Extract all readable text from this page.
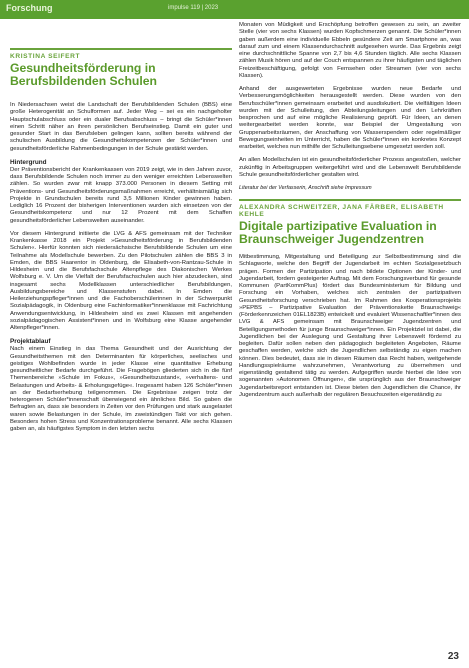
Forschung	impulse 119 | 2023
KRISTINA SEIFERT
Gesundheitsförderung in Berufsbildenden Schulen

In Niedersachsen weist die Landschaft der Berufsbildenden Schulen (BBS) eine große Heterogenität an Schulformen auf. Jeder Weg – sei es ein nachgeholter Hauptschulabschluss oder ein dualer Berufsabschluss – bringt die Schüler*innen einen Schritt näher an ihren persönlichen Berufseinstieg. Damit ein guter und gesunder Start in das Berufsleben gelingen kann, sollten bereits während der schulischen Ausbildung die Gesundheitskompetenzen der Schüler*innen und gesundheitsförderliche Rahmenbedingungen in der Schule gestärkt werden.

Hintergrund

Der Präventionsbericht der Krankenkassen von 2019 zeigt, wie in den Jahren zuvor, dass Berufsbildende Schulen noch immer zu den weniger erreichten Lebenswelten zählen. So wurden zwar mit knapp 373.000 Personen in diesem Setting mit Präventions- und Gesundheitsförderungsmaßnahmen erreicht, verhältnismäßig sich Projekte in Grundschulen bereits rund 3,5 Millionen Kinder gewinnen haben. Lediglich 16 Prozent der bisherigen Interventionen wurden sich einsetzen von der Gesundheitskompetenz und nur 12 Prozent mit dem Schaffen gesundheitsförderlicher Lebenswelten auseinander.

Vor diesem Hintergrund initiierte die LVG & AFS gemeinsam mit der Techniker Krankenkasse 2018 ein Projekt »Gesundheitsförderung in Berufsbildenden Schulen«. Hierfür konnten sich niedersächsische Berufsbildende Schulen um eine Teilnahme als Modellschule bewerben. Zu den Pilotschulen zählen die BBS 3 in Emden, die BBS Haarentor in Oldenburg, die Elisabeth-von-Rantzau-Schule in Hildesheim und die Berufsfachschule Altenpflege des Diakonischen Werkes Wolfsburg e. V. Um die Vielfalt der Berufsfachschulen auch hier abzudecken, sind insgesamt sechs Modellklassen unterschiedlicher Berufsbildungen, Ausbildungsbereiche und Klassenstufen dabei. In Emden die Heilerziehungspfleger*innen und die Fachoberschülerinnen in der Schwerpunkt Sozialpädagogik, in Oldenburg eine Fachinformatiker*innenklasse mit Fachrichtung Anwendungsentwicklung, in Hildesheim sind es zwei Klassen mit angehenden sozialpädagogischen Assistent*innen und in Wolfsburg eine Klasse angehender Altenpfleger*innen.

Projektablauf

Nach einem Einstieg in das Thema Gesundheit und der Ausrichtung der Gesundheitsthemen mit den Determinanten für körperliches, seelisches und geistiges Wohlbefinden wurde in jeder Klasse eine quantitative Erhebung gesundheitlicher Bedarfe durchgeführt. Die Fragebögen gliederten sich in die fünf Themenbereiche »Schule im Fokus«, »Gesundheitszustand«, »verhaltens- und Belastungen und Arbeits- & Erholungsgefüge«. Insgesamt haben 126 Schüler*innen an der Bedarfserhebung teilgenommen. Die Ergebnisse zeigen trotz der heterogenen Schüler*innenschaft überwiegend ein ähnliches Bild. So gaben die Befragten an, dass sie besonders in Zeiten vor den Prüfungen und stark ausgelastet waren sowie Belastungen in der Schule, im zweistündigen Takt vor sich gehen. Besonders hohen Stress und Konzentrationsprobleme benannt. Alle sechs Klassen gaben an, als häufigstes Symptom in den letzten sechs

Monaten von Müdigkeit und Erschöpfung betroffen gewesen zu sein, an zweiter Stelle (vier von sechs Klassen) wurden Kopfschmerzen genannt. Die Schüler*innen gaben außerdem eine individuelle Ebbeln gesündere Zeit am Smartphone an, was darauf zum und einem Klassendurchschnitt aufgesehen wurde. Das Ergebnis zeigt eine durchschnittliche Spanne von 2,7 bis 4,6 Stunden täglich. Alle sechs Klassen zählen Musik hören und auf der Couch entspannen zu ihrer häufigsten und täglichen Freizeitbeschäftigung, gefolgt von Fernsehen oder Streamen (vier von sechs Klassen).

Anhand der ausgewerteten Ergebnisse wurden neue Bedarfe und Verbesserungsmöglichkeiten herausgestellt werden. Diese wurden von den Berufsschüler*innen gemeinsam erarbeitet und ausdiskutiert. Die vielfältigen Ideen wurden mit der Schulleitung, den Abteilungsleitungen und den Lehrkräften besprochen und auf eine mögliche Realisierung geprüft. Für Ideen, an denen weitergearbeitet werden konnte, war Beispiel der Umgestaltung von Gruppenarbeitsräumen, der Anschaffung von Wasserspendern oder regelmäßiger Bewegungseinheiten im Unterricht, haben die Schüler*innen ein konkretes Konzept erarbeitet, welches nun mithilfe der Schulleitungsebene umgesetzt werden soll.

An allen Modellschulen ist ein gesundheitsförderlicher Prozess angestoßen, welcher zukünftig in Arbeitsgruppen weitergeführt wird und die Lebenswelt Berufsbildende Schule gesundheitsförderlicher gestalten wird.

Literatur bei der Verfasserin, Anschrift siehe Impressum
ALEXANDRA SCHWEITZER, JANA FÄRBER, ELISABETH KEHLE
Digitale partizipative Evaluation in Braunschweiger Jugendzentren

Mitbestimmung, Mitgestaltung und Beteiligung zur Selbstbestimmung sind die Schlagworte, welche den Begriff der Jugendarbeit im echten Sozialgesetzbuch prägen. Formen der Partizipation und nach bildete Optionen der Kinder- und Jugendarbeit, fordern gesteigerter Auftrag. Mit dem Forschungsverbund für gesunde Kommunen (PartKommPlus) fördert das Bundesministerium für Bildung und Forschung ein Vorhaben, welches sich zentralen der partizipativen Gesundheitsforschung verschrieben hat. Im Rahmen des Kooperationsprojekts »PEPBS – Partizipative Evaluation der Präventionskette Braunschweig« (Förderkennzeichen 01EL1823B) entwickelt und evaluiert Wissenschaftler*innen des LVG & AFS gemeinsam mit Braunschweiger Jugendzentren und Beteiligungsmethoden für junge Braunschweiger*innen. Ein Projektziel ist dabei, die Jugendlichen bei der Auslegung und Gestaltung ihrer Lebenswelt fördernd zu begleiten. Dafür sollen neben den pädagogisch begleiteten Angeboten, Räume geschaffen werden, welche sich die Jugendlichen selbständig zu eigen machen können. Dies bedeutet, dass sie in diesen Räumen das Recht haben, weitgehende Handlungsspielräume wahrzunehmen, Verantwortung zu übernehmen und eigenständig gestaltend tätig zu werden. Aufgegriffen wurde hierbei die Idee von sogenannten »Autonomen Öffnungen«, die ursprünglich aus der Braunschweiger Jugendarbeitsreport entstanden ist. Diese bieten den Jugendlichen die Chance, ihr Jugendzentrum auch außerhalb der regulären Besuchszeiten eigenständig zu

23
